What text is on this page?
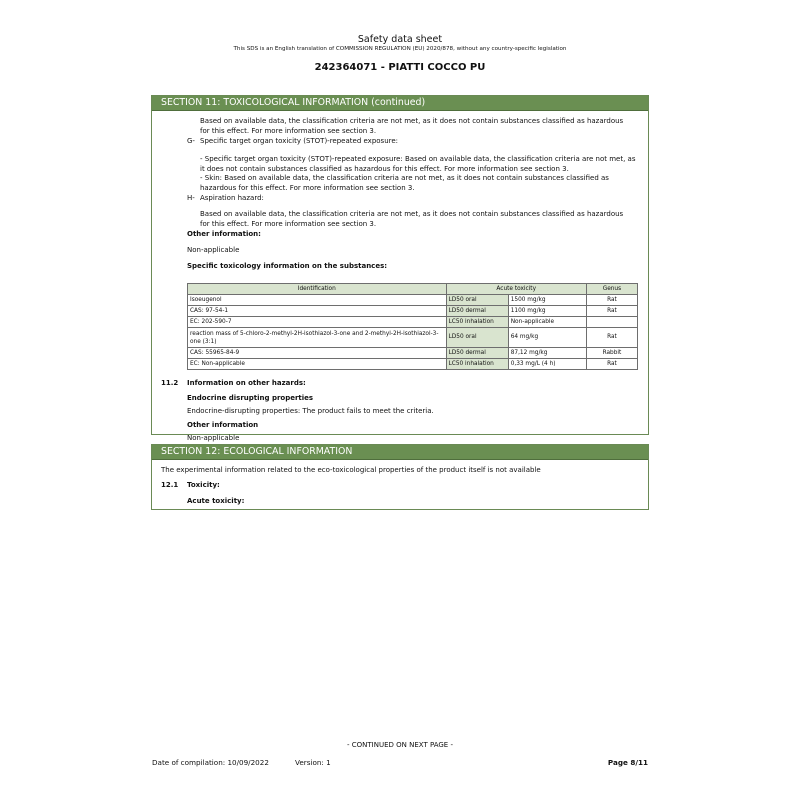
Safety data sheet
This SDS is an English translation of COMMISSION REGULATION (EU) 2020/878, without any country-specific legislation
242364071 - PIATTI COCCO PU
SECTION 11: TOXICOLOGICAL INFORMATION (continued)
Based on available data, the classification criteria are not met, as it does not contain substances classified as hazardous for this effect. For more information see section 3.
G- Specific target organ toxicity (STOT)-repeated exposure:
- Specific target organ toxicity (STOT)-repeated exposure: Based on available data, the classification criteria are not met, as it does not contain substances classified as hazardous for this effect. For more information see section 3.
- Skin: Based on available data, the classification criteria are not met, as it does not contain substances classified as hazardous for this effect. For more information see section 3.
H- Aspiration hazard:
Based on available data, the classification criteria are not met, as it does not contain substances classified as hazardous for this effect. For more information see section 3.
Other information:
Non-applicable
Specific toxicology information on the substances:
Identification	Acute toxicity		Genus
Isoeugenol	LD50 oral	1500 mg/kg	Rat
CAS: 97-54-1	LD50 dermal	1100 mg/kg	Rat
EC: 202-590-7	LC50 inhalation	Non-applicable	
reaction mass of 5-chloro-2-methyl-2H-isothiazol-3-one and 2-methyl-2H-isothiazol-3-one (3:1)	LD50 oral	64 mg/kg	Rat
CAS: 55965-84-9	LD50 dermal	87,12 mg/kg	Rabbit
EC: Non-applicable	LC50 inhalation	0,33 mg/L (4 h)	Rat
11.2 Information on other hazards:
Endocrine disrupting properties
Endocrine-disrupting properties: The product fails to meet the criteria.
Other information
Non-applicable
SECTION 12: ECOLOGICAL INFORMATION
The experimental information related to the eco-toxicological properties of the product itself is not available
12.1 Toxicity:
Acute toxicity:
- CONTINUED ON NEXT PAGE -
Date of compilation: 10/09/2022	Version: 1	Page 8/11
